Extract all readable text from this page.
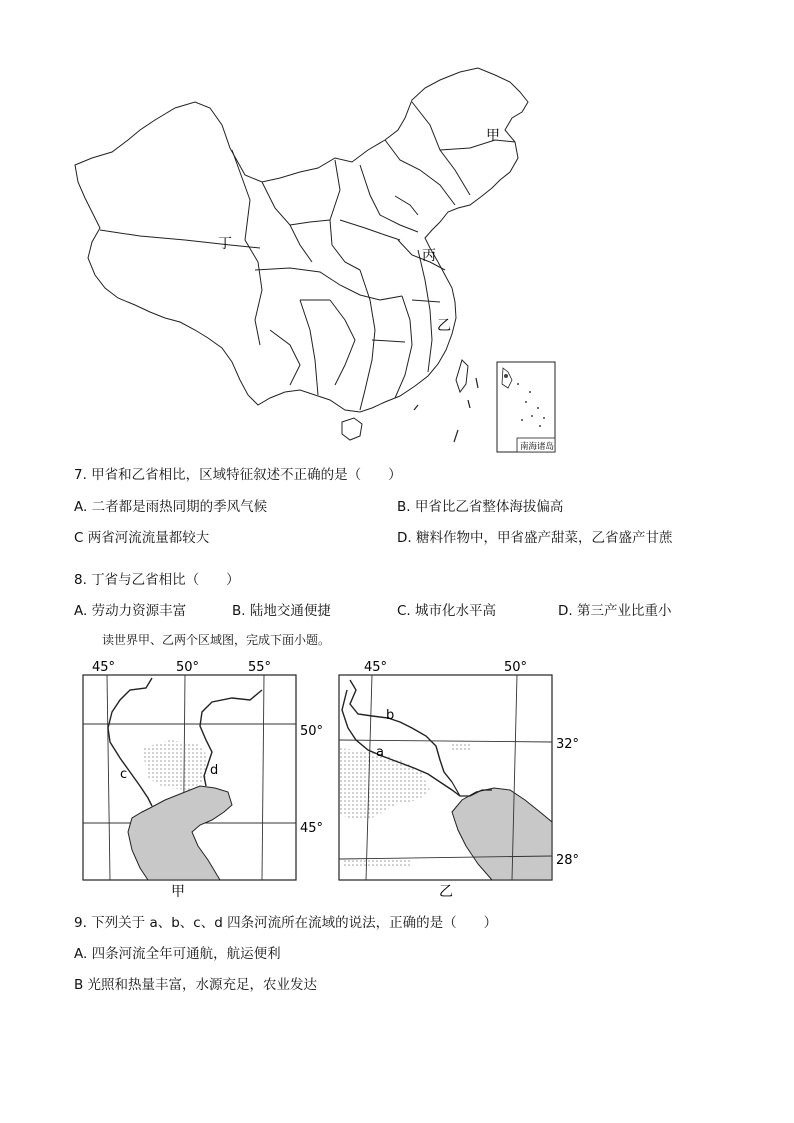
南海诸岛
甲
丙
丁
乙
7. 甲省和乙省相比，区域特征叙述不正确的是（　　）
A. 二者都是雨热同期的季风气候	B. 甲省比乙省整体海拔偏高
C 两省河流流量都较大	D. 糖料作物中，甲省盛产甜菜，乙省盛产甘蔗
8. 丁省与乙省相比（　　）
A. 劳动力资源丰富	B. 陆地交通便捷	C. 城市化水平高	D. 第三产业比重小
读世界甲、乙两个区域图，完成下面小题。
45°	50°	55°
50°
45°
c	d
甲
45°	50°
32°
28°
b
a
乙
9. 下列关于 a、b、c、d 四条河流所在流域的说法，正确的是（　　）
A. 四条河流全年可通航，航运便利
B 光照和热量丰富，水源充足，农业发达
